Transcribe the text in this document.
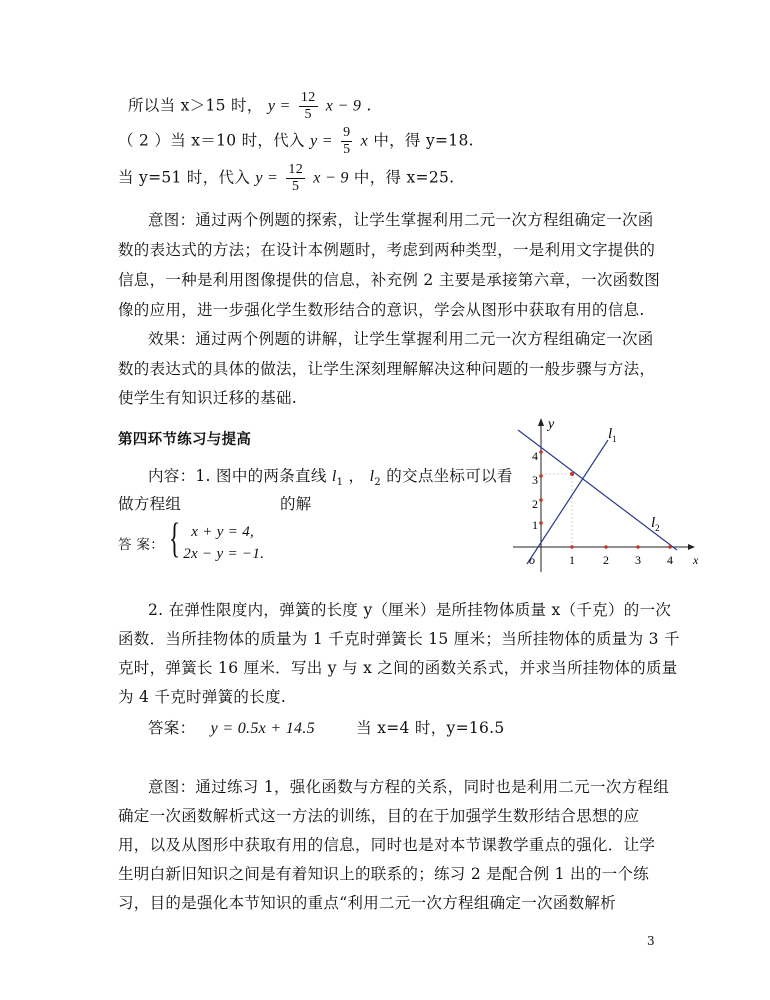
所以当 x＞15 时， $y = \frac{12}{5}$ x − 9 .
（ 2 ）当 x＝10 时，代入 $y = \frac{9}{5}$ x 中，得 y=18.
当 y=51 时，代入 $y = \frac{12}{5}$ x − 9 中，得 x=25.
意图：通过两个例题的探索，让学生掌握利用二元一次方程组确定一次函
数的表达式的方法；在设计本例题时，考虑到两种类型，一是利用文字提供的
信息，一种是利用图像提供的信息，补充例 2 主要是承接第六章，一次函数图
像的应用，进一步强化学生数形结合的意识，学会从图形中获取有用的信息.
效果：通过两个例题的讲解，让学生掌握利用二元一次方程组确定一次函
数的表达式的具体的做法，让学生深刻理解解决这种问题的一般步骤与方法，
使学生有知识迁移的基础.
第四环节练习与提高
内容：1. 图中的两条直线 $l_1$ ， $l_2$ 的交点坐标可以看
做方程组	的解
答 案： { x + y = 4,
2x − y = −1.
y
x
o	1 2 3 4
4
3
2
1
$l_1$
$l_2$
2. 在弹性限度内，弹簧的长度 y（厘米）是所挂物体质量 x（千克）的一次
函数．当所挂物体的质量为 1 千克时弹簧长 15 厘米；当所挂物体的质量为 3 千
克时，弹簧长 16 厘米．写出 y 与 x 之间的函数关系式，并求当所挂物体的质量
为 4 千克时弹簧的长度.
答案： y = 0.5x + 14.5	当 x=4 时，y=16.5
意图：通过练习 1，强化函数与方程的关系，同时也是利用二元一次方程组
确定一次函数解析式这一方法的训练，目的在于加强学生数形结合思想的应
用，以及从图形中获取有用的信息，同时也是对本节课教学重点的强化．让学
生明白新旧知识之间是有着知识上的联系的；练习 2 是配合例 1 出的一个练
习，目的是强化本节知识的重点“利用二元一次方程组确定一次函数解析
3
